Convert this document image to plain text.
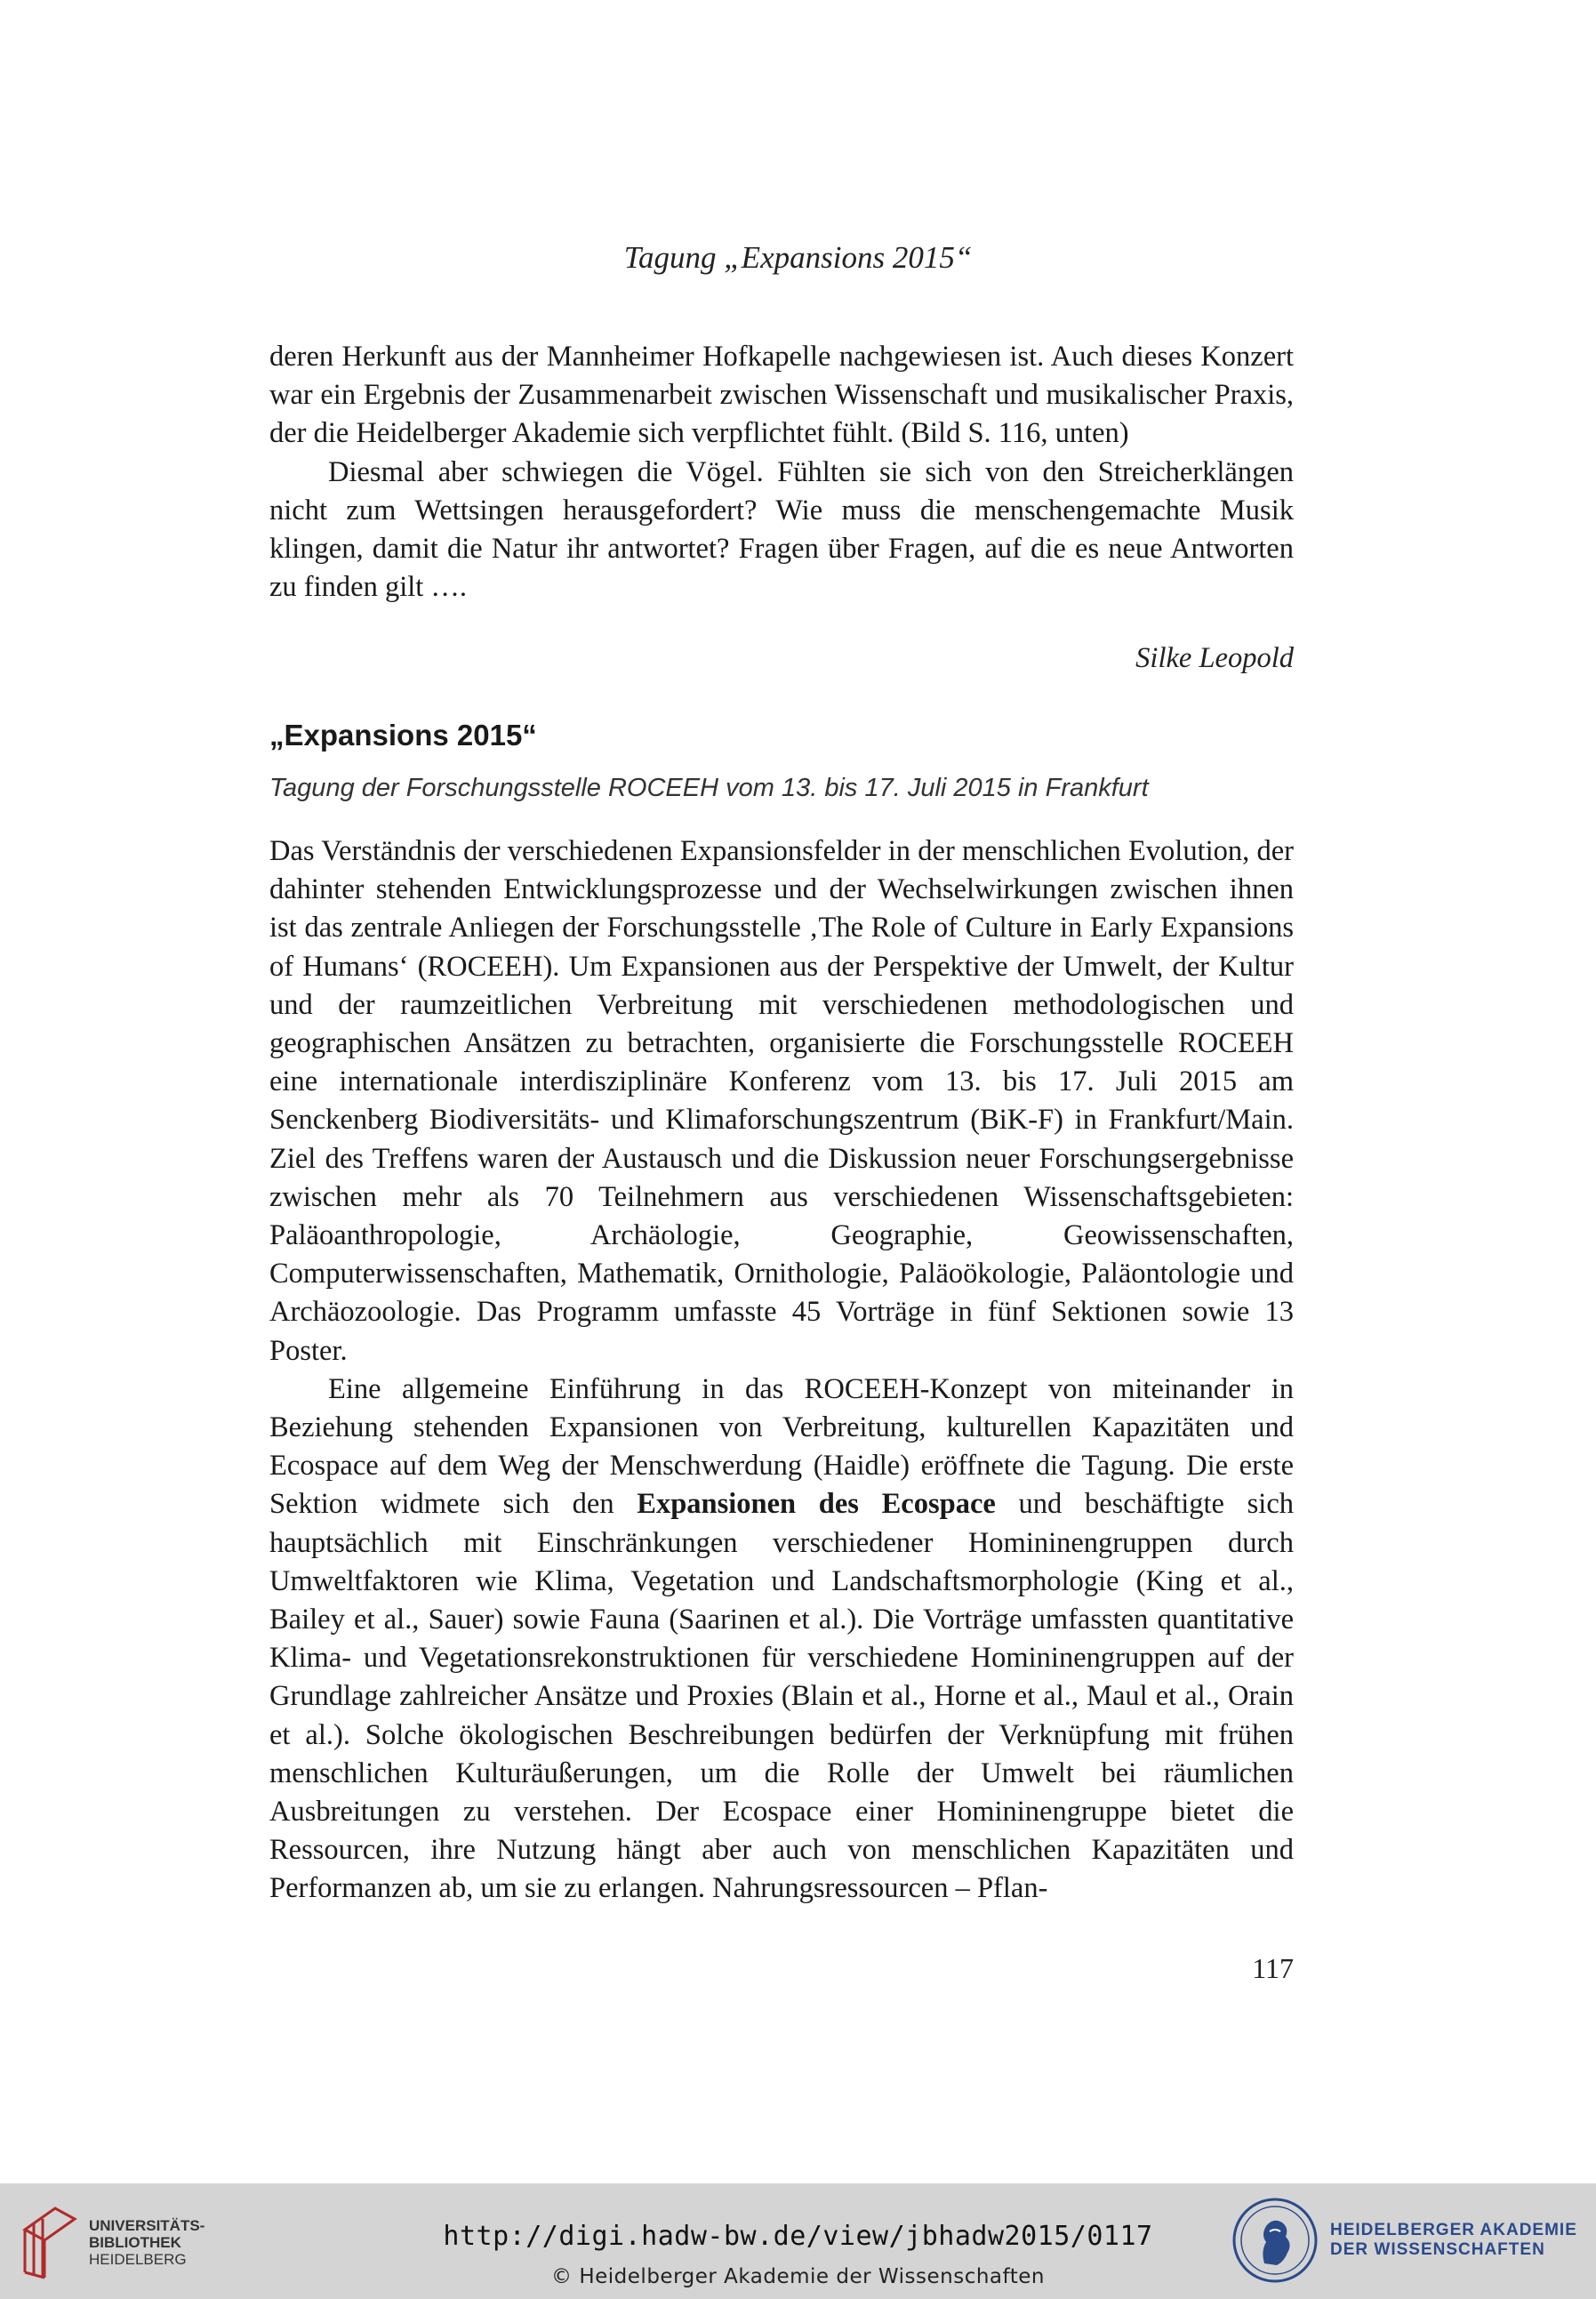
Tagung „Expansions 2015“

deren Herkunft aus der Mannheimer Hofkapelle nachgewiesen ist. Auch dieses Konzert war ein Ergebnis der Zusammenarbeit zwischen Wissenschaft und musikalischer Praxis, der die Heidelberger Akademie sich verpflichtet fühlt. (Bild S. 116, unten)

Diesmal aber schwiegen die Vögel. Fühlten sie sich von den Streicherklängen nicht zum Wettsingen herausgefordert? Wie muss die menschengemachte Musik klingen, damit die Natur ihr antwortet? Fragen über Fragen, auf die es neue Antworten zu finden gilt ….

Silke Leopold
„Expansions 2015“
Tagung der Forschungsstelle ROCEEH vom 13. bis 17. Juli 2015 in Frankfurt

Das Verständnis der verschiedenen Expansionsfelder in der menschlichen Evolution, der dahinter stehenden Entwicklungsprozesse und der Wechselwirkungen zwischen ihnen ist das zentrale Anliegen der Forschungsstelle ‚The Role of Culture in Early Expansions of Humans‘ (ROCEEH). Um Expansionen aus der Perspektive der Umwelt, der Kultur und der raumzeitlichen Verbreitung mit verschiedenen methodologischen und geographischen Ansätzen zu betrachten, organisierte die Forschungsstelle ROCEEH eine internationale interdisziplinäre Konferenz vom 13. bis 17. Juli 2015 am Senckenberg Biodiversitäts- und Klimaforschungszentrum (BiK-F) in Frankfurt/Main. Ziel des Treffens waren der Austausch und die Diskussion neuer Forschungsergebnisse zwischen mehr als 70 Teilnehmern aus verschiedenen Wissenschaftsgebieten: Paläoanthropologie, Archäologie, Geographie, Geowissenschaften, Computerwissenschaften, Mathematik, Ornithologie, Paläoökologie, Paläontologie und Archäozoologie. Das Programm umfasste 45 Vorträge in fünf Sektionen sowie 13 Poster.

Eine allgemeine Einführung in das ROCEEH-Konzept von miteinander in Beziehung stehenden Expansionen von Verbreitung, kulturellen Kapazitäten und Ecospace auf dem Weg der Menschwerdung (Haidle) eröffnete die Tagung. Die erste Sektion widmete sich den Expansionen des Ecospace und beschäftigte sich hauptsächlich mit Einschränkungen verschiedener Homininengruppen durch Umweltfaktoren wie Klima, Vegetation und Landschaftsmorphologie (King et al., Bailey et al., Sauer) sowie Fauna (Saarinen et al.). Die Vorträge umfassten quantitative Klima- und Vegetationsrekonstruktionen für verschiedene Homininengruppen auf der Grundlage zahlreicher Ansätze und Proxies (Blain et al., Horne et al., Maul et al., Orain et al.). Solche ökologischen Beschreibungen bedürfen der Verknüpfung mit frühen menschlichen Kulturäußerungen, um die Rolle der Umwelt bei räumlichen Ausbreitungen zu verstehen. Der Ecospace einer Homininengruppe bietet die Ressourcen, ihre Nutzung hängt aber auch von menschlichen Kapazitäten und Performanzen ab, um sie zu erlangen. Nahrungsressourcen – Pflan-

117
UNIVERSITÄTS-
BIBLIOTHEK
HEIDELBERG
http://digi.hadw-bw.de/view/jbhadw2015/0117
© Heidelberger Akademie der Wissenschaften
HEIDELBERGER AKADEMIE
DER WISSENSCHAFTEN
